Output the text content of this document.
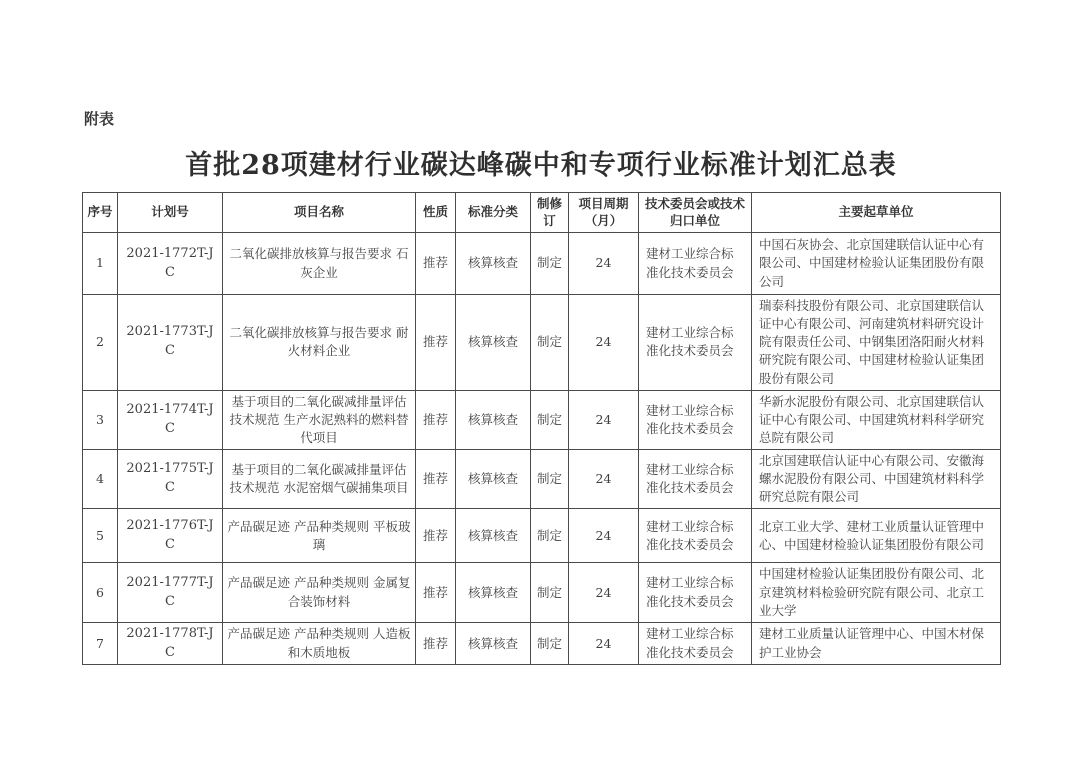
附表
首批28项建材行业碳达峰碳中和专项行业标准计划汇总表
序号	计划号	项目名称	性质	标准分类	制修订	项目周期（月）	技术委员会或技术归口单位	主要起草单位
1	2021-1772T-JC	二氧化碳排放核算与报告要求 石灰企业	推荐	核算核查	制定	24	建材工业综合标准化技术委员会	中国石灰协会、北京国建联信认证中心有限公司、中国建材检验认证集团股份有限公司
2	2021-1773T-JC	二氧化碳排放核算与报告要求 耐火材料企业	推荐	核算核查	制定	24	建材工业综合标准化技术委员会	瑞泰科技股份有限公司、北京国建联信认证中心有限公司、河南建筑材料研究设计院有限责任公司、中钢集团洛阳耐火材料研究院有限公司、中国建材检验认证集团股份有限公司
3	2021-1774T-JC	基于项目的二氧化碳减排量评估技术规范 生产水泥熟料的燃料替代项目	推荐	核算核查	制定	24	建材工业综合标准化技术委员会	华新水泥股份有限公司、北京国建联信认证中心有限公司、中国建筑材料科学研究总院有限公司
4	2021-1775T-JC	基于项目的二氧化碳减排量评估技术规范 水泥窑烟气碳捕集项目	推荐	核算核查	制定	24	建材工业综合标准化技术委员会	北京国建联信认证中心有限公司、安徽海螺水泥股份有限公司、中国建筑材料科学研究总院有限公司
5	2021-1776T-JC	产品碳足迹 产品种类规则 平板玻璃	推荐	核算核查	制定	24	建材工业综合标准化技术委员会	北京工业大学、建材工业质量认证管理中心、中国建材检验认证集团股份有限公司
6	2021-1777T-JC	产品碳足迹 产品种类规则 金属复合装饰材料	推荐	核算核查	制定	24	建材工业综合标准化技术委员会	中国建材检验认证集团股份有限公司、北京建筑材料检验研究院有限公司、北京工业大学
7	2021-1778T-JC	产品碳足迹 产品种类规则 人造板和木质地板	推荐	核算核查	制定	24	建材工业综合标准化技术委员会	建材工业质量认证管理中心、中国木材保护工业协会
